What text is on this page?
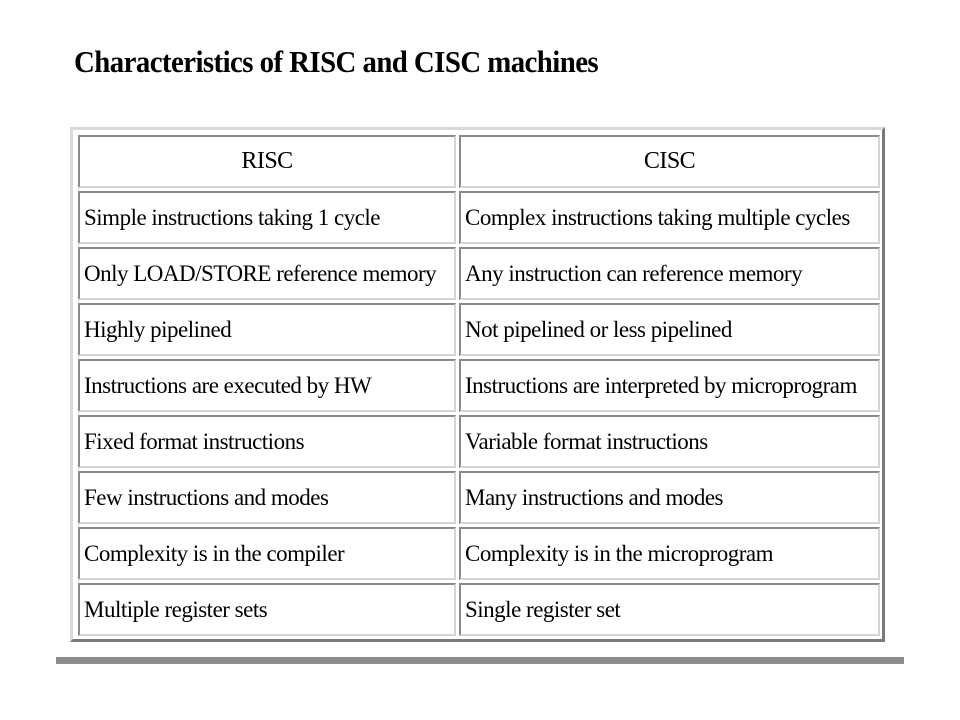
Characteristics of RISC and CISC machines
RISC	CISC
Simple instructions taking 1 cycle	Complex instructions taking multiple cycles
Only LOAD/STORE reference memory	Any instruction can reference memory
Highly pipelined	Not pipelined or less pipelined
Instructions are executed by HW	Instructions are interpreted by microprogram
Fixed format instructions	Variable format instructions
Few instructions and modes	Many instructions and modes
Complexity is in the compiler	Complexity is in the microprogram
Multiple register sets	Single register set
